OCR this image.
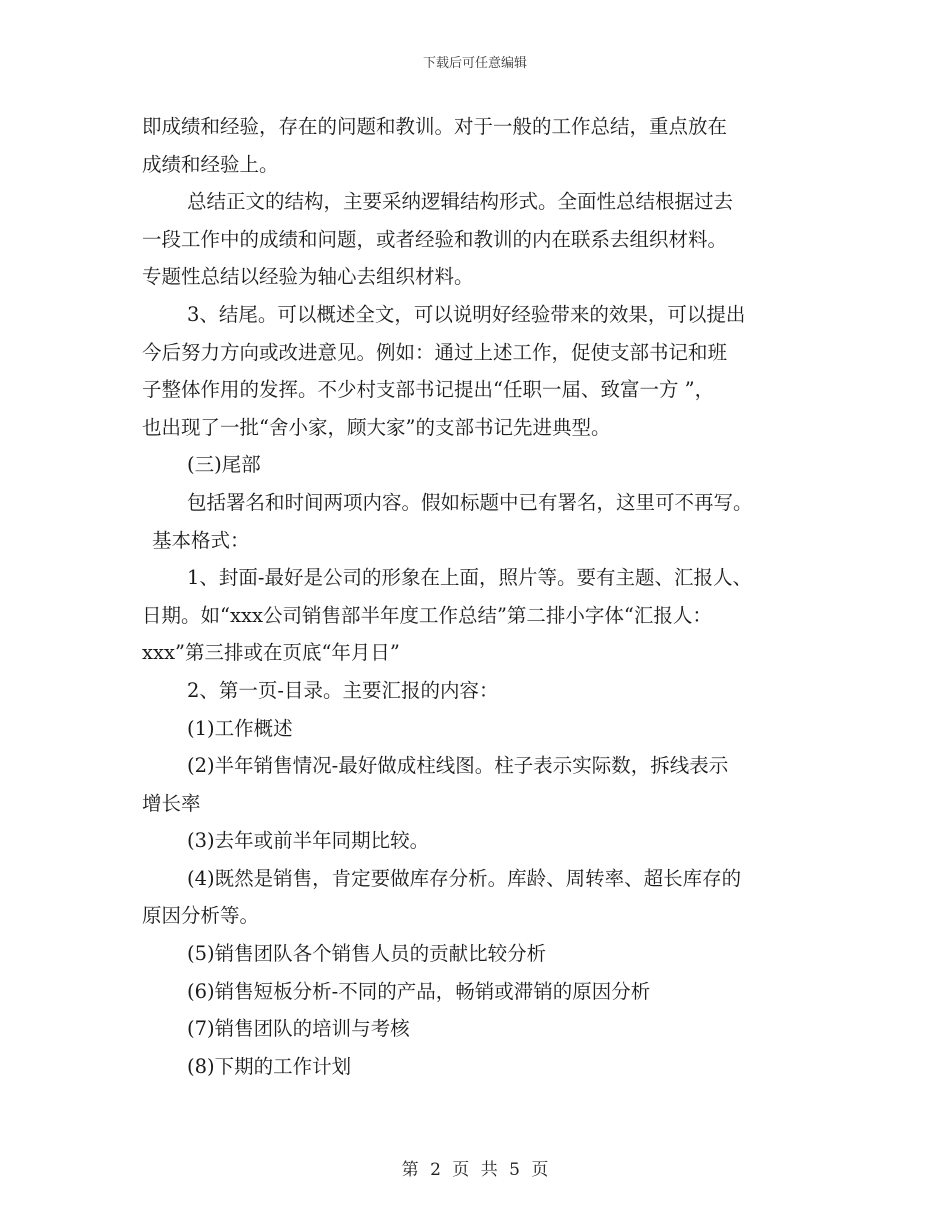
下载后可任意编辑

即成绩和经验，存在的问题和教训。对于一般的工作总结，重点放在

成绩和经验上。

总结正文的结构，主要采纳逻辑结构形式。全面性总结根据过去

一段工作中的成绩和问题，或者经验和教训的内在联系去组织材料。

专题性总结以经验为轴心去组织材料。

3、结尾。可以概述全文，可以说明好经验带来的效果，可以提出

今后努力方向或改进意见。例如：通过上述工作，促使支部书记和班

子整体作用的发挥。不少村支部书记提出“任职一届、致富一方 ”，

也出现了一批“舍小家，顾大家”的支部书记先进典型。

(三)尾部

包括署名和时间两项内容。假如标题中已有署名，这里可不再写。

基本格式：

1、封面-最好是公司的形象在上面，照片等。要有主题、汇报人、

日期。如“xxx公司销售部半年度工作总结”第二排小字体“汇报人：

xxx”第三排或在页底“年月日”

2、第一页-目录。主要汇报的内容：

(1)工作概述

(2)半年销售情况-最好做成柱线图。柱子表示实际数，拆线表示

增长率

(3)去年或前半年同期比较。

(4)既然是销售，肯定要做库存分析。库龄、周转率、超长库存的

原因分析等。

(5)销售团队各个销售人员的贡献比较分析

(6)销售短板分析-不同的产品，畅销或滞销的原因分析

(7)销售团队的培训与考核

(8)下期的工作计划

第 2 页 共 5 页
